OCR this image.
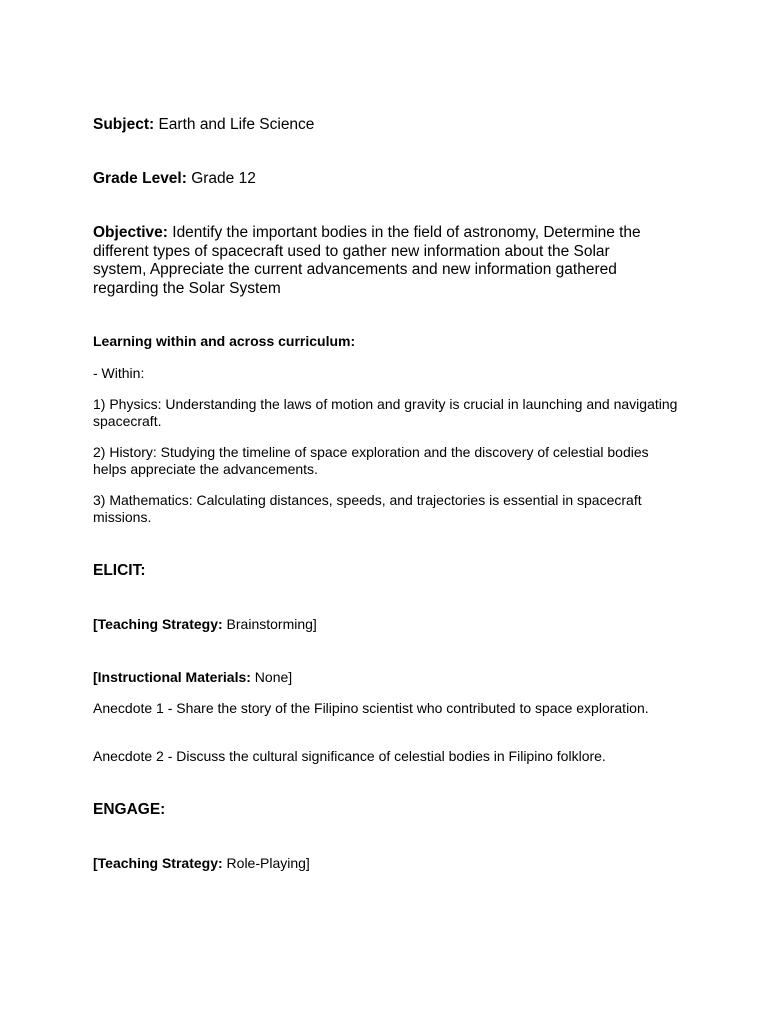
Subject: Earth and Life Science

Grade Level: Grade 12

Objective: Identify the important bodies in the field of astronomy, Determine the different types of spacecraft used to gather new information about the Solar system, Appreciate the current advancements and new information gathered regarding the Solar System

Learning within and across curriculum:

- Within:

1) Physics: Understanding the laws of motion and gravity is crucial in launching and navigating spacecraft.

2) History: Studying the timeline of space exploration and the discovery of celestial bodies helps appreciate the advancements.

3) Mathematics: Calculating distances, speeds, and trajectories is essential in spacecraft missions.

ELICIT:

[Teaching Strategy: Brainstorming]

[Instructional Materials: None]

Anecdote 1 - Share the story of the Filipino scientist who contributed to space exploration.

Anecdote 2 - Discuss the cultural significance of celestial bodies in Filipino folklore.

ENGAGE:

[Teaching Strategy: Role-Playing]
